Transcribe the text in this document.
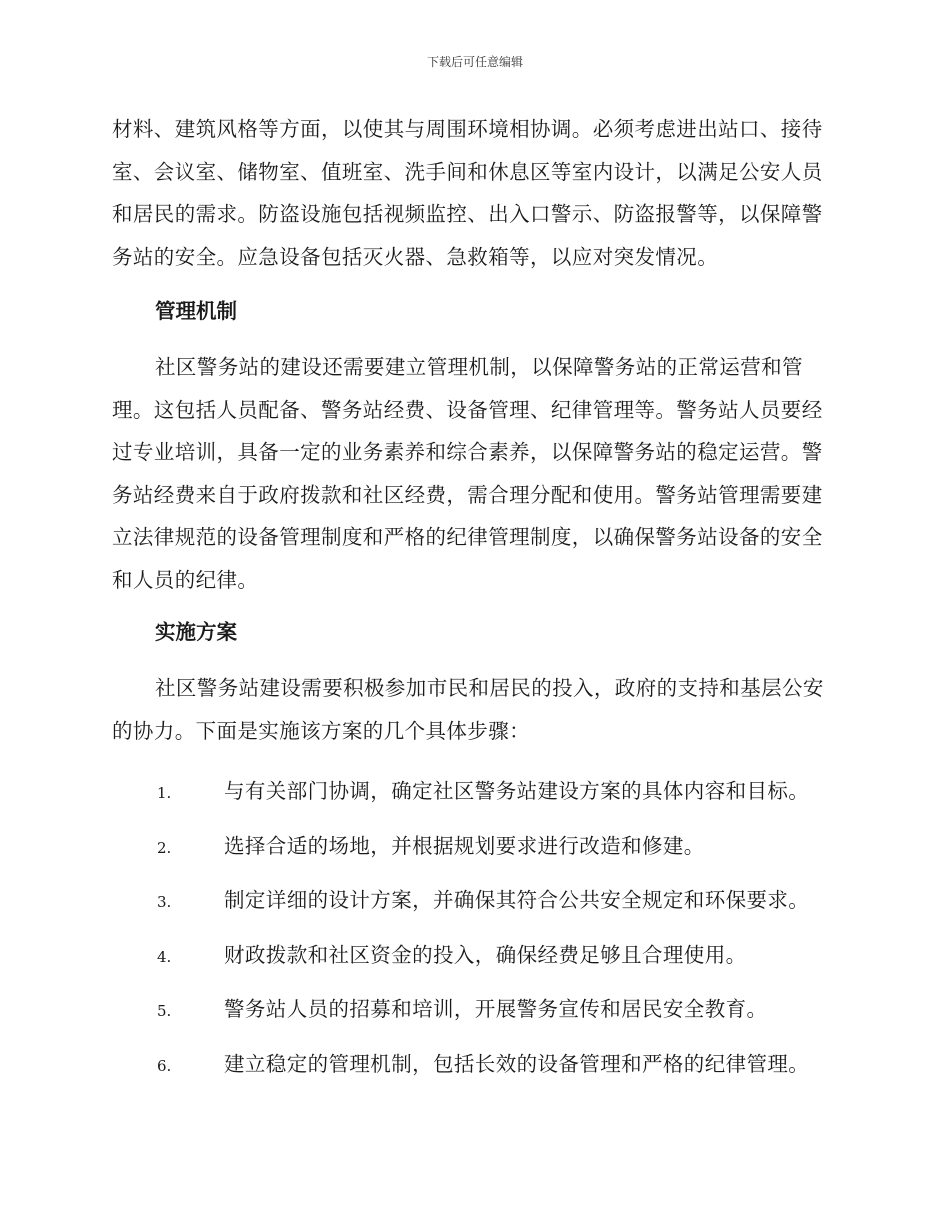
下载后可任意编辑

材料、建筑风格等方面，以使其与周围环境相协调。必须考虑进出站口、接待室、会议室、储物室、值班室、洗手间和休息区等室内设计，以满足公安人员和居民的需求。防盗设施包括视频监控、出入口警示、防盗报警等，以保障警务站的安全。应急设备包括灭火器、急救箱等，以应对突发情况。

管理机制

社区警务站的建设还需要建立管理机制，以保障警务站的正常运营和管理。这包括人员配备、警务站经费、设备管理、纪律管理等。警务站人员要经过专业培训，具备一定的业务素养和综合素养，以保障警务站的稳定运营。警务站经费来自于政府拨款和社区经费，需合理分配和使用。警务站管理需要建立法律规范的设备管理制度和严格的纪律管理制度，以确保警务站设备的安全和人员的纪律。

实施方案

社区警务站建设需要积极参加市民和居民的投入，政府的支持和基层公安的协力。下面是实施该方案的几个具体步骤：

1.	与有关部门协调，确定社区警务站建设方案的具体内容和目标。
2.	选择合适的场地，并根据规划要求进行改造和修建。
3.	制定详细的设计方案，并确保其符合公共安全规定和环保要求。
4.	财政拨款和社区资金的投入，确保经费足够且合理使用。
5.	警务站人员的招募和培训，开展警务宣传和居民安全教育。
6.	建立稳定的管理机制，包括长效的设备管理和严格的纪律管理。
